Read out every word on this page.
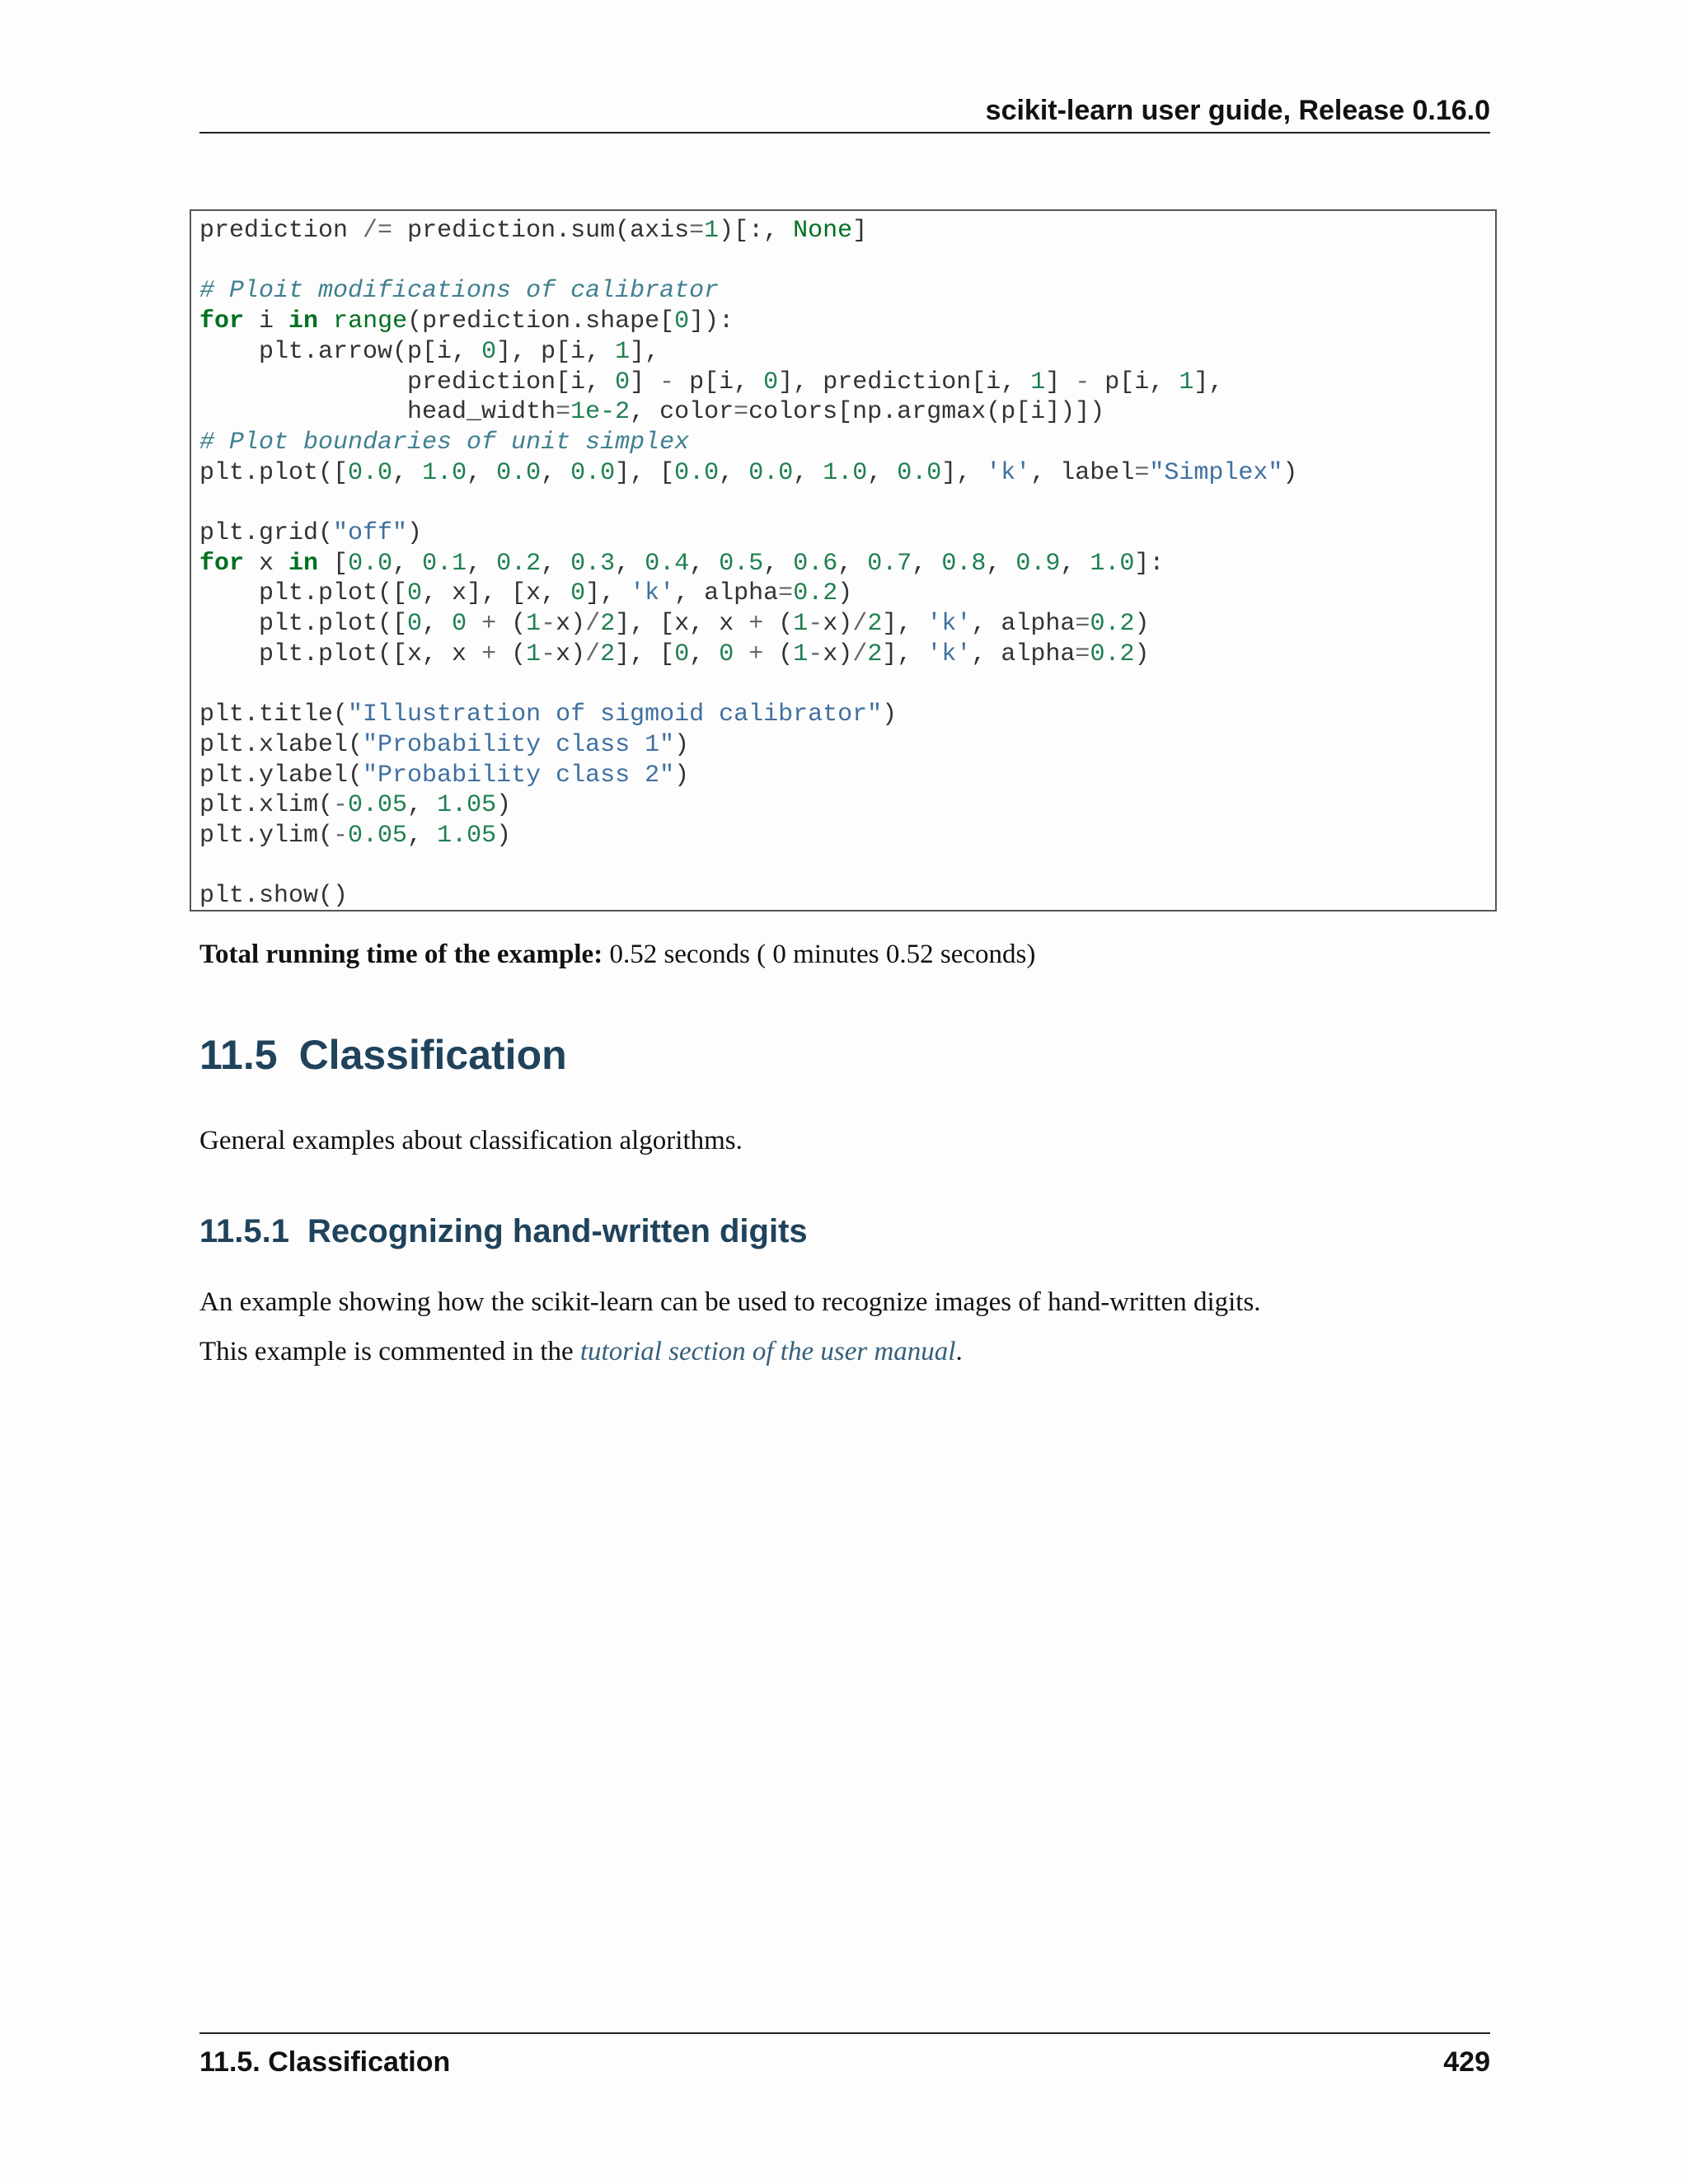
scikit-learn user guide, Release 0.16.0
prediction /= prediction.sum(axis=1)[:, None]

# Ploit modifications of calibrator
for i in range(prediction.shape[0]):
plt.arrow(p[i, 0], p[i, 1],
prediction[i, 0] - p[i, 0], prediction[i, 1] - p[i, 1],
head_width=1e-2, color=colors[np.argmax(p[i])])
# Plot boundaries of unit simplex
plt.plot([0.0, 1.0, 0.0, 0.0], [0.0, 0.0, 1.0, 0.0], 'k', label="Simplex")

plt.grid("off")
for x in [0.0, 0.1, 0.2, 0.3, 0.4, 0.5, 0.6, 0.7, 0.8, 0.9, 1.0]:
plt.plot([0, x], [x, 0], 'k', alpha=0.2)
plt.plot([0, 0 + (1-x)/2], [x, x + (1-x)/2], 'k', alpha=0.2)
plt.plot([x, x + (1-x)/2], [0, 0 + (1-x)/2], 'k', alpha=0.2)

plt.title("Illustration of sigmoid calibrator")
plt.xlabel("Probability class 1")
plt.ylabel("Probability class 2")
plt.xlim(-0.05, 1.05)
plt.ylim(-0.05, 1.05)

plt.show()
Total running time of the example: 0.52 seconds ( 0 minutes 0.52 seconds)
11.5 Classification
General examples about classification algorithms.
11.5.1 Recognizing hand-written digits
An example showing how the scikit-learn can be used to recognize images of hand-written digits.
This example is commented in the tutorial section of the user manual.
11.5. Classification	429
